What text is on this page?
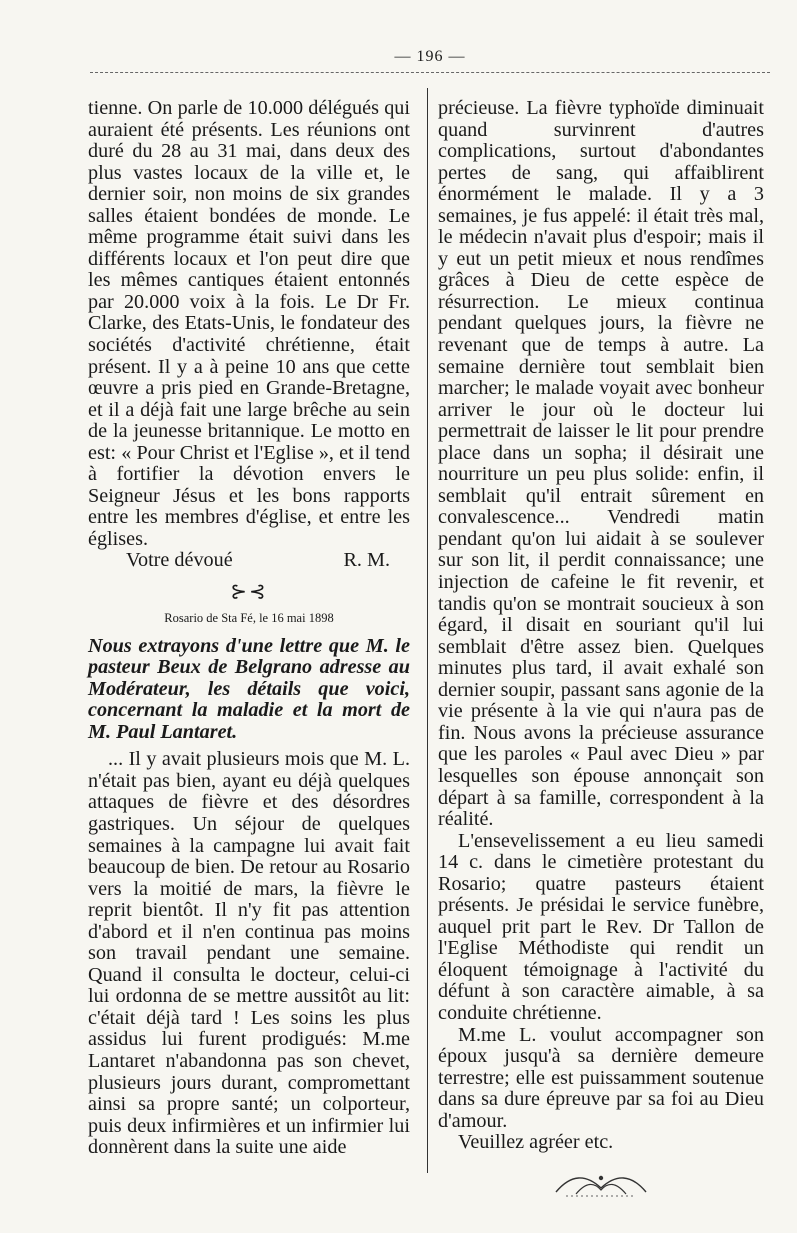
— 196 —

tienne. On parle de 10.000 délégués qui auraient été présents. Les réunions ont duré du 28 au 31 mai, dans deux des plus vastes locaux de la ville et, le dernier soir, non moins de six grandes salles étaient bondées de monde. Le même programme était suivi dans les différents locaux et l'on peut dire que les mêmes cantiques étaient entonnés par 20.000 voix à la fois. Le Dr Fr. Clarke, des Etats-Unis, le fondateur des sociétés d'activité chrétienne, était présent. Il y a à peine 10 ans que cette œuvre a pris pied en Grande-Bretagne, et il a déjà fait une large brêche au sein de la jeunesse britannique. Le motto en est: « Pour Christ et l'Eglise », et il tend à fortifier la dévotion envers le Seigneur Jésus et les bons rapports entre les membres d'église, et entre les églises.

Votre dévoué	R. M.
⊱⊰
Rosario de Sta Fé, le 16 mai 1898

Nous extrayons d'une lettre que M. le pasteur Beux de Belgrano adresse au Modérateur, les détails que voici, concernant la maladie et la mort de M. Paul Lantaret.

... Il y avait plusieurs mois que M. L. n'était pas bien, ayant eu déjà quelques attaques de fièvre et des désordres gastriques. Un séjour de quelques semaines à la campagne lui avait fait beaucoup de bien. De retour au Rosario vers la moitié de mars, la fièvre le reprit bientôt. Il n'y fit pas attention d'abord et il n'en continua pas moins son travail pendant une semaine. Quand il consulta le docteur, celui-ci lui ordonna de se mettre aussitôt au lit: c'était déjà tard ! Les soins les plus assidus lui furent prodigués: M.me Lantaret n'abandonna pas son chevet, plusieurs jours durant, compromettant ainsi sa propre santé; un colporteur, puis deux infirmières et un infirmier lui donnèrent dans la suite une aide

précieuse. La fièvre typhoïde diminuait quand survinrent d'autres complications, surtout d'abondantes pertes de sang, qui affaiblirent énormément le malade. Il y a 3 semaines, je fus appelé: il était très mal, le médecin n'avait plus d'espoir; mais il y eut un petit mieux et nous rendîmes grâces à Dieu de cette espèce de résurrection. Le mieux continua pendant quelques jours, la fièvre ne revenant que de temps à autre. La semaine dernière tout semblait bien marcher; le malade voyait avec bonheur arriver le jour où le docteur lui permettrait de laisser le lit pour prendre place dans un sopha; il désirait une nourriture un peu plus solide: enfin, il semblait qu'il entrait sûrement en convalescence... Vendredi matin pendant qu'on lui aidait à se soulever sur son lit, il perdit connaissance; une injection de cafeine le fit revenir, et tandis qu'on se montrait soucieux à son égard, il disait en souriant qu'il lui semblait d'être assez bien. Quelques minutes plus tard, il avait exhalé son dernier soupir, passant sans agonie de la vie présente à la vie qui n'aura pas de fin. Nous avons la précieuse assurance que les paroles « Paul avec Dieu » par lesquelles son épouse annonçait son départ à sa famille, correspondent à la réalité.

L'ensevelissement a eu lieu samedi 14 c. dans le cimetière protestant du Rosario; quatre pasteurs étaient présents. Je présidai le service funèbre, auquel prit part le Rev. Dr Tallon de l'Eglise Méthodiste qui rendit un éloquent témoignage à l'activité du défunt à son caractère aimable, à sa conduite chrétienne.

M.me L. voulut accompagner son époux jusqu'à sa dernière demeure terrestre; elle est puissamment soutenue dans sa dure épreuve par sa foi au Dieu d'amour.

Veuillez agréer etc.
